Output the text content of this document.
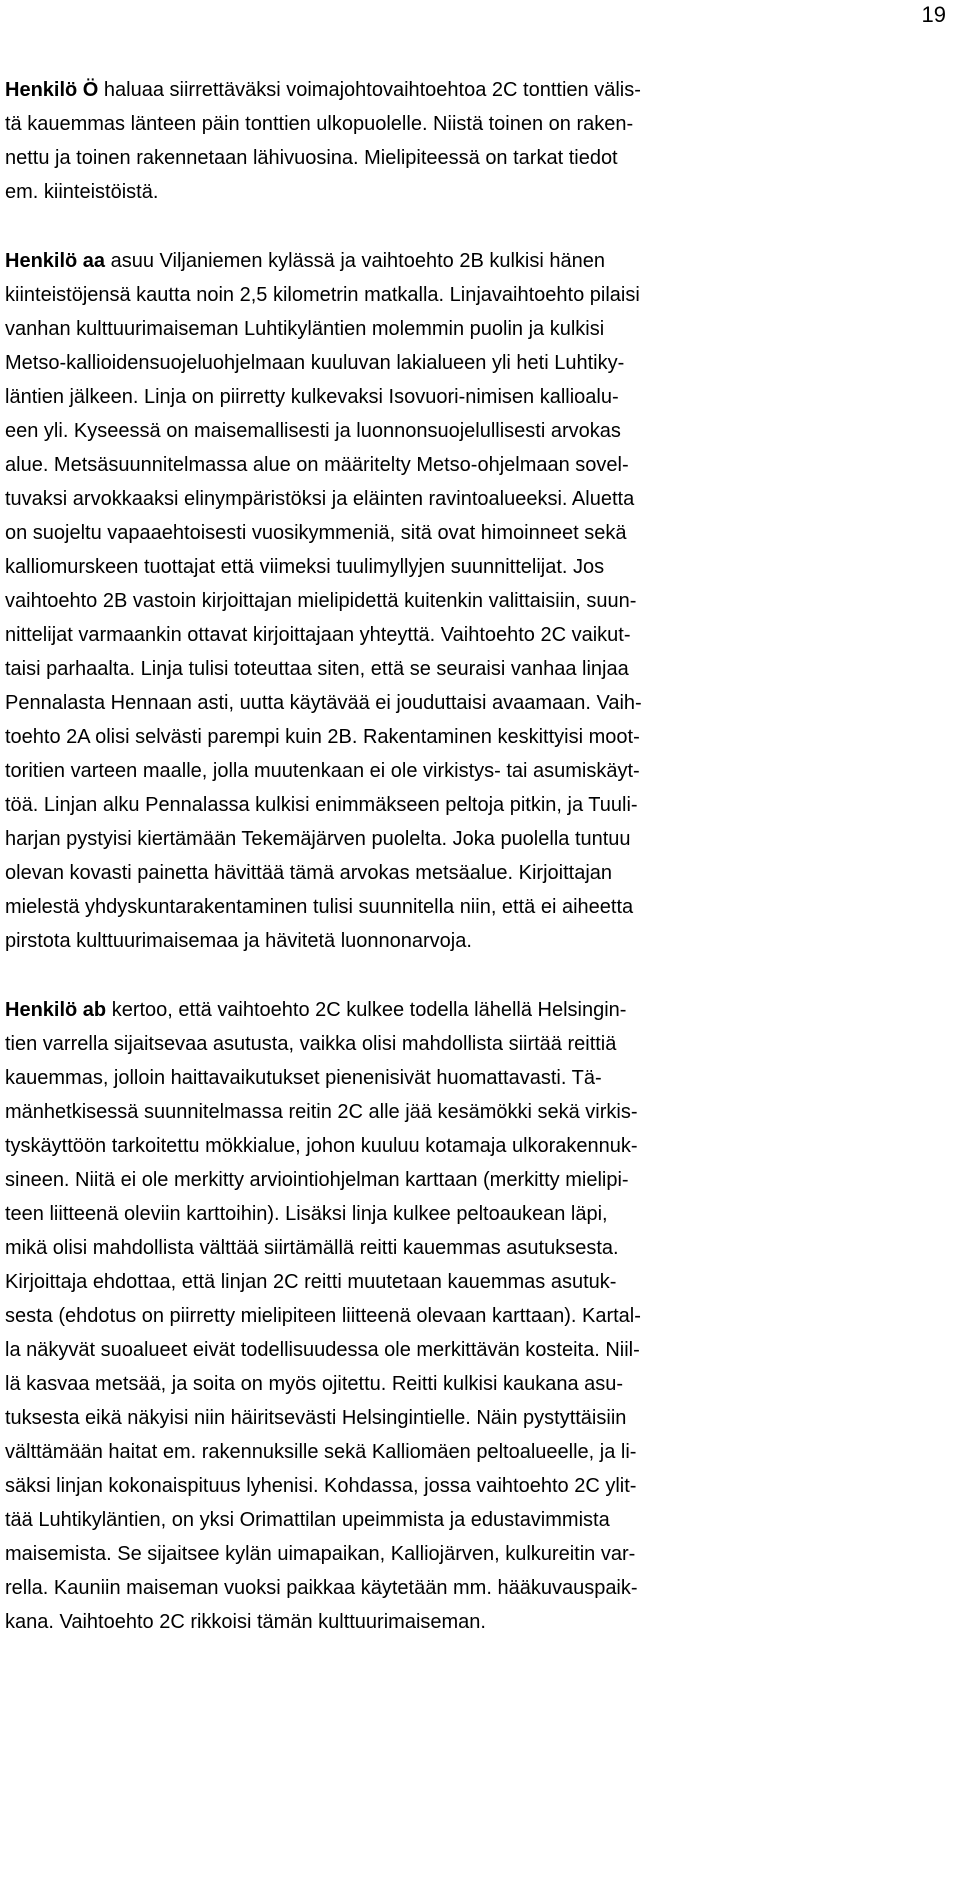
19

Henkilö Ö haluaa siirrettäväksi voimajohtovaihtoehtoa 2C tonttien välis-
tä kauemmas länteen päin tonttien ulkopuolelle. Niistä toinen on raken-
nettu ja toinen rakennetaan lähivuosina. Mielipiteessä on tarkat tiedot
em. kiinteistöistä.

Henkilö aa asuu Viljaniemen kylässä ja vaihtoehto 2B kulkisi hänen
kiinteistöjensä kautta noin 2,5 kilometrin matkalla. Linjavaihtoehto pilaisi
vanhan kulttuurimaiseman Luhtikyläntien molemmin puolin ja kulkisi
Metso-kallioidensuojeluohjelmaan kuuluvan lakialueen yli heti Luhtiky-
läntien jälkeen. Linja on piirretty kulkevaksi Isovuori-nimisen kallioalu-
een yli. Kyseessä on maisemallisesti ja luonnonsuojelullisesti arvokas
alue. Metsäsuunnitelmassa alue on määritelty Metso-ohjelmaan sovel-
tuvaksi arvokkaaksi elinympäristöksi ja eläinten ravintoalueeksi. Aluetta
on suojeltu vapaaehtoisesti vuosikymmeniä, sitä ovat himoinneet sekä
kalliomurskeen tuottajat että viimeksi tuulimyllyjen suunnittelijat. Jos
vaihtoehto 2B vastoin kirjoittajan mielipidettä kuitenkin valittaisiin, suun-
nittelijat varmaankin ottavat kirjoittajaan yhteyttä. Vaihtoehto 2C vaikut-
taisi parhaalta. Linja tulisi toteuttaa siten, että se seuraisi vanhaa linjaa
Pennalasta Hennaan asti, uutta käytävää ei jouduttaisi avaamaan. Vaih-
toehto 2A olisi selvästi parempi kuin 2B. Rakentaminen keskittyisi moot-
toritien varteen maalle, jolla muutenkaan ei ole virkistys- tai asumiskäyt-
töä. Linjan alku Pennalassa kulkisi enimmäkseen peltoja pitkin, ja Tuuli-
harjan pystyisi kiertämään Tekemäjärven puolelta. Joka puolella tuntuu
olevan kovasti painetta hävittää tämä arvokas metsäalue. Kirjoittajan
mielestä yhdyskuntarakentaminen tulisi suunnitella niin, että ei aiheetta
pirstota kulttuurimaisemaa ja hävitetä luonnonarvoja.

Henkilö ab kertoo, että vaihtoehto 2C kulkee todella lähellä Helsingin-
tien varrella sijaitsevaa asutusta, vaikka olisi mahdollista siirtää reittiä
kauemmas, jolloin haittavaikutukset pienenisivät huomattavasti. Tä-
mänhetkisessä suunnitelmassa reitin 2C alle jää kesämökki sekä virkis-
tyskäyttöön tarkoitettu mökkialue, johon kuuluu kotamaja ulkorakennuk-
sineen. Niitä ei ole merkitty arviointiohjelman karttaan (merkitty mielipi-
teen liitteenä oleviin karttoihin). Lisäksi linja kulkee peltoaukean läpi,
mikä olisi mahdollista välttää siirtämällä reitti kauemmas asutuksesta.
Kirjoittaja ehdottaa, että linjan 2C reitti muutetaan kauemmas asutuk-
sesta (ehdotus on piirretty mielipiteen liitteenä olevaan karttaan). Kartal-
la näkyvät suoalueet eivät todellisuudessa ole merkittävän kosteita. Niil-
lä kasvaa metsää, ja soita on myös ojitettu. Reitti kulkisi kaukana asu-
tuksesta eikä näkyisi niin häiritsevästi Helsingintielle. Näin pystyttäisiin
välttämään haitat em. rakennuksille sekä Kalliomäen peltoalueelle, ja li-
säksi linjan kokonaispituus lyhenisi. Kohdassa, jossa vaihtoehto 2C ylit-
tää Luhtikyläntien, on yksi Orimattilan upeimmista ja edustavimmista
maisemista. Se sijaitsee kylän uimapaikan, Kalliojärven, kulkureitin var-
rella. Kauniin maiseman vuoksi paikkaa käytetään mm. hääkuvauspaik-
kana. Vaihtoehto 2C rikkoisi tämän kulttuurimaiseman.
